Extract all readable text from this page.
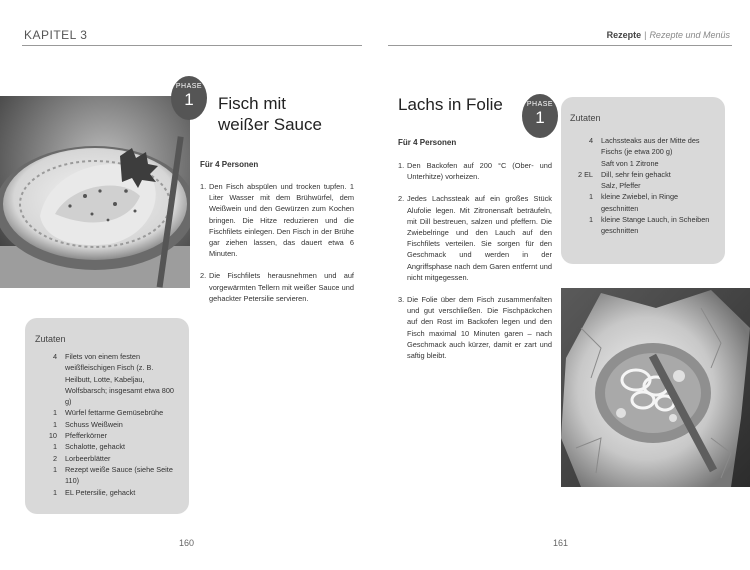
KAPITEL 3	Rezepte | Rezepte und Menüs
PHASE
1	Fisch mit
weißer Sauce
Für 4 Personen
1. Den Fisch abspülen und trocken tupfen. 1 Liter Wasser mit dem Brühwürfel, dem Weißwein und den Gewürzen zum Kochen bringen. Die Hitze reduzieren und die Fischfilets einlegen. Den Fisch in der Brühe gar ziehen lassen, das dauert etwa 6 Minuten.
2. Die Fischfilets herausnehmen und auf vorgewärmten Tellern mit weißer Sauce und gehackter Petersilie servieren.
Zutaten
4	Filets von einem festen weißfleischigen Fisch (z. B. Heilbutt, Lotte, Kabeljau, Wolfsbarsch; insgesamt etwa 800 g)
1	Würfel fettarme Gemüsebrühe
1	Schuss Weißwein
10	Pfefferkörner
1	Schalotte, gehackt
2	Lorbeerblätter
1	Rezept weiße Sauce (siehe Seite 110)
1	EL Petersilie, gehackt
160
Lachs in Folie	PHASE
1
Für 4 Personen
1. Den Backofen auf 200 °C (Ober- und Unterhitze) vorheizen.
2. Jedes Lachssteak auf ein großes Stück Alufolie legen. Mit Zitronensaft beträufeln, mit Dill bestreuen, salzen und pfeffern. Die Zwiebelringe und den Lauch auf den Fischfilets verteilen. Sie sorgen für den Geschmack und werden in der Angriffsphase nach dem Garen entfernt und nicht mitgegessen.
3. Die Folie über dem Fisch zusammenfalten und gut verschließen. Die Fischpäckchen auf den Rost im Backofen legen und den Fisch maximal 10 Minuten garen – nach Geschmack auch kürzer, damit er zart und saftig bleibt.
Zutaten
4	Lachssteaks aus der Mitte des Fischs (je etwa 200 g)
Saft von 1 Zitrone
2 EL	Dill, sehr fein gehackt
Salz, Pfeffer
1	kleine Zwiebel, in Ringe geschnitten
1	kleine Stange Lauch, in Scheiben geschnitten
161
